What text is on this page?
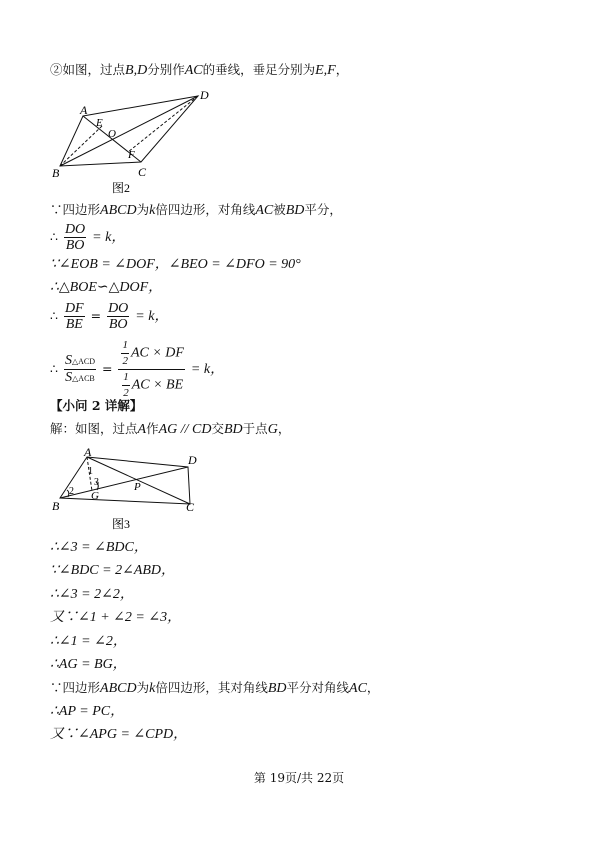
②如图，过点B,D分别作AC的垂线，垂足分别为E,F，
A
D
B	C
E
O
F
图2
∵四边形ABCD为k倍四边形，对角线AC被BD平分，
∴ $\frac{DO}{BO} = k$，
∵∠EOB = ∠DOF，∠BEO = ∠DFO = 90°
∴△BOE∽△DOF，
∴ $\frac{DF}{BE} = \frac{DO}{BO} = k$，
∴ $\frac{\text{S△ACD}}{\text{S△ACB}} = \frac{\frac{1}{2} AC \times DF}{\frac{1}{2} AC \times BE} = k$，
【小问 2 详解】
解：如图，过点A作AG // CD交BD于点G，
A
D
B	C
G
P
1
2
3
图3
∴∠3 = ∠BDC，
∵∠BDC = 2∠ABD，
∴∠3 = 2∠2，
又∵∠1 + ∠2 = ∠3，
∴∠1 = ∠2，
∴AG = BG，
∵四边形ABCD为k倍四边形，其对角线BD平分对角线AC，
∴AP = PC，
又∵∠APG = ∠CPD，
第 19页/共 22页
